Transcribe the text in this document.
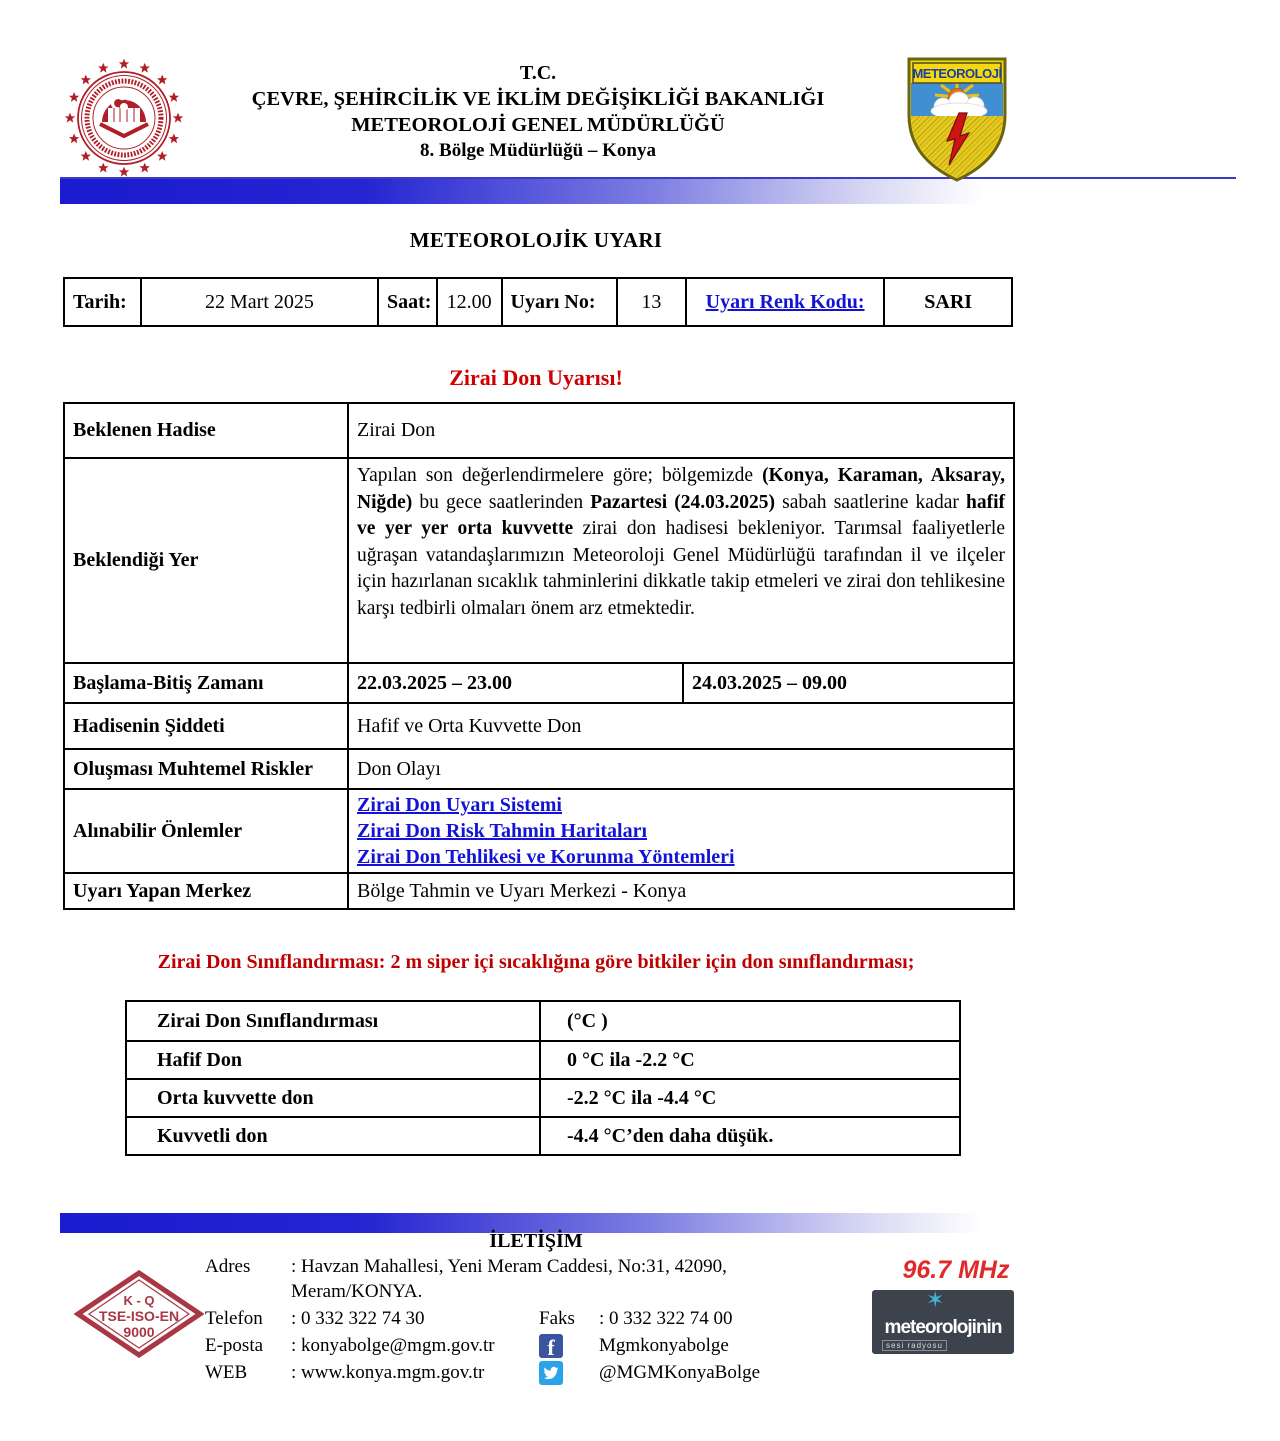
T.C.
ÇEVRE, ŞEHİRCİLİK VE İKLİM DEĞİŞİKLİĞİ BAKANLIĞI
METEOROLOJİ GENEL MÜDÜRLÜĞÜ
8. Bölge Müdürlüğü – Konya
METEOROLOJİ
METEOROLOJİK UYARI
Tarih:	22 Mart 2025	Saat:	12.00	Uyarı No:	13	Uyarı Renk Kodu:	SARI
Zirai Don Uyarısı!
Beklenen Hadise	Zirai Don	
Beklendiği Yer	Yapılan son değerlendirmelere göre; bölgemizde (Konya, Karaman, Aksaray, Niğde) bu gece saatlerinden Pazartesi (24.03.2025) sabah saatlerine kadar hafif ve yer yer orta kuvvette zirai don hadisesi bekleniyor. Tarımsal faaliyetlerle uğraşan vatandaşlarımızın Meteoroloji Genel Müdürlüğü tarafından il ve ilçeler için hazırlanan sıcaklık tahminlerini dikkatle takip etmeleri ve zirai don tehlikesine karşı tedbirli olmaları önem arz etmektedir.	

Başlama-Bitiş Zamanı	22.03.2025 – 23.00	24.03.2025 – 09.00
Hadisenin Şiddeti	Hafif ve Orta Kuvvette Don	
Oluşması Muhtemel Riskler	Don Olayı	
Alınabilir Önlemler	Zirai Don Uyarı Sistemi
Zirai Don Risk Tahmin Haritaları
Zirai Don Tehlikesi ve Korunma Yöntemleri	

Uyarı Yapan Merkez	Bölge Tahmin ve Uyarı Merkezi - Konya	
Zirai Don Sınıflandırması: 2 m siper içi sıcaklığına göre bitkiler için don sınıflandırması;
Zirai Don Sınıflandırması	(°C )
Hafif Don	0 °C ila -2.2 °C
Orta kuvvette don	-2.2 °C ila -4.4 °C
Kuvvetli don	-4.4 °C’den daha düşük.
İLETİŞİM
Adres	: Havzan Mahallesi, Yeni Meram Caddesi, No:31, 42090, Meram/KONYA.
Telefon	: 0 332 322 74 30	Faks	: 0 332 322 74 00
E-posta	: konyabolge@mgm.gov.tr	f	Mgmkonyabolge
WEB	: www.konya.mgm.gov.tr	@MGMKonyaBolge
K - Q
TSE-ISO-EN
9000
96.7 MHz
✶
meteorolojinin
sesi radyosu
